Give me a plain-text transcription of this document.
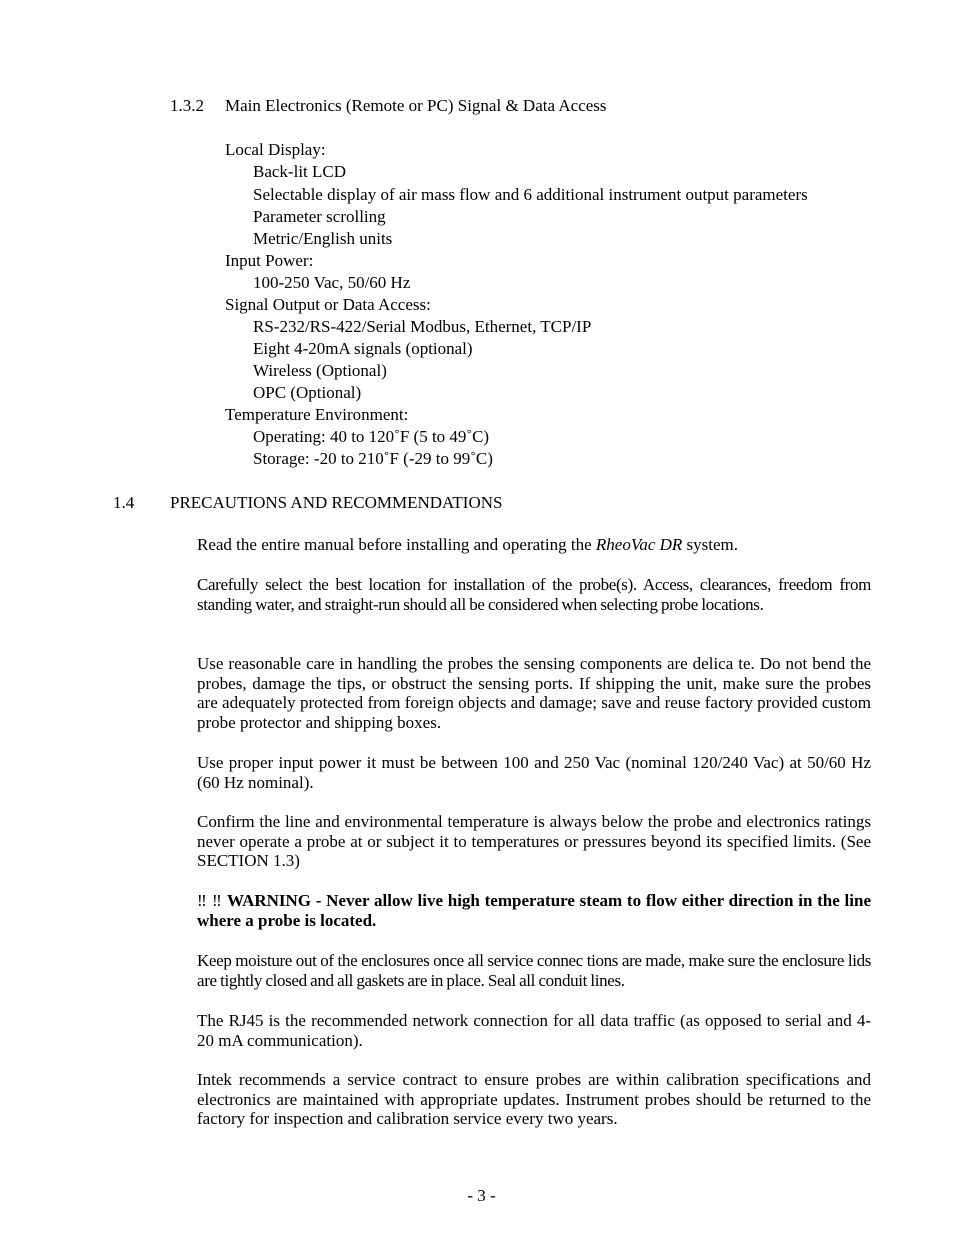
1.3.2 Main Electronics (Remote or PC) Signal & Data Access
Local Display:
Back-lit LCD
Selectable display of air mass flow and 6 additional instrument output parameters
Parameter scrolling
Metric/English units
Input Power:
100-250 Vac, 50/60 Hz
Signal Output or Data Access:
RS-232/RS-422/Serial Modbus, Ethernet, TCP/IP
Eight 4-20mA signals (optional)
Wireless (Optional)
OPC (Optional)
Temperature Environment:
Operating: 40 to 120˚F (5 to 49˚C)
Storage: -20 to 210˚F (-29 to 99˚C)
1.4 PRECAUTIONS AND RECOMMENDATIONS
Read the entire manual before installing and operating the RheoVac DR system.
Carefully select the best location for installation of the probe(s). Access, clearances, freedom from standing water, and straight-run should all be considered when selecting probe locations.
Use reasonable care in handling the probes the sensing components are delica te. Do not bend the probes, damage the tips, or obstruct the sensing ports. If shipping the unit, make sure the probes are adequately protected from foreign objects and damage; save and reuse factory provided custom probe protector and shipping boxes.
Use proper input power it must be between 100 and 250 Vac (nominal 120/240 Vac) at 50/60 Hz (60 Hz nominal).
Confirm the line and environmental temperature is always below the probe and electronics ratings never operate a probe at or subject it to temperatures or pressures beyond its specified limits. (See SECTION 1.3)
‼ ‼ WARNING - Never allow live high temperature steam to flow either direction in the line where a probe is located.
Keep moisture out of the enclosures once all service connec tions are made, make sure the enclosure lids are tightly closed and all gaskets are in place. Seal all conduit lines.
The RJ45 is the recommended network connection for all data traffic (as opposed to serial and 4-20 mA communication).
Intek recommends a service contract to ensure probes are within calibration specifications and electronics are maintained with appropriate updates. Instrument probes should be returned to the factory for inspection and calibration service every two years.
- 3 -
